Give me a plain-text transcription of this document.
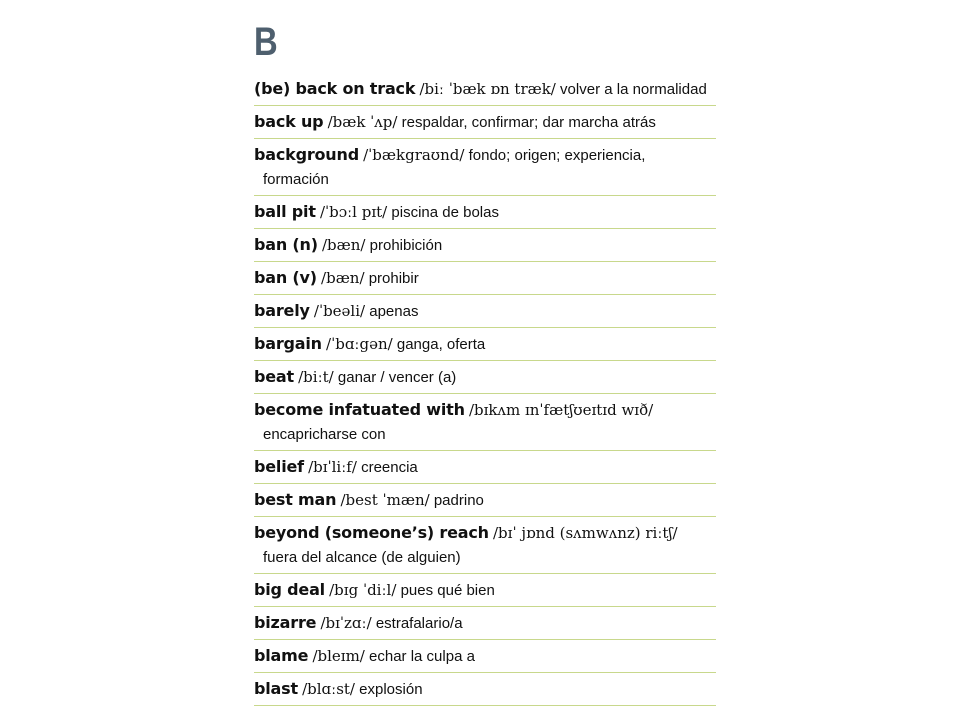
B
(be) back on track /biː ˈbæk ɒn træk/ volver a la normalidad
back up /bæk ˈʌp/ respaldar, confirmar; dar marcha atrás
background /ˈbækgraʊnd/ fondo; origen; experiencia,
formación
ball pit /ˈbɔːl pɪt/ piscina de bolas
ban (n) /bæn/ prohibición
ban (v) /bæn/ prohibir
barely /ˈbeəli/ apenas
bargain /ˈbɑːgən/ ganga, oferta
beat /biːt/ ganar / vencer (a)
become infatuated with /bɪkʌm ɪnˈfætʃʊeɪtɪd wɪð/
encapricharse con
belief /bɪˈliːf/ creencia
best man /best ˈmæn/ padrino
beyond (someone’s) reach /bɪˈ jɒnd (sʌmwʌnz) riːtʃ/
fuera del alcance (de alguien)
big deal /bɪg ˈdiːl/ pues qué bien
bizarre /bɪˈzɑː/ estrafalario/a
blame /bleɪm/ echar la culpa a
blast /blɑːst/ explosión
